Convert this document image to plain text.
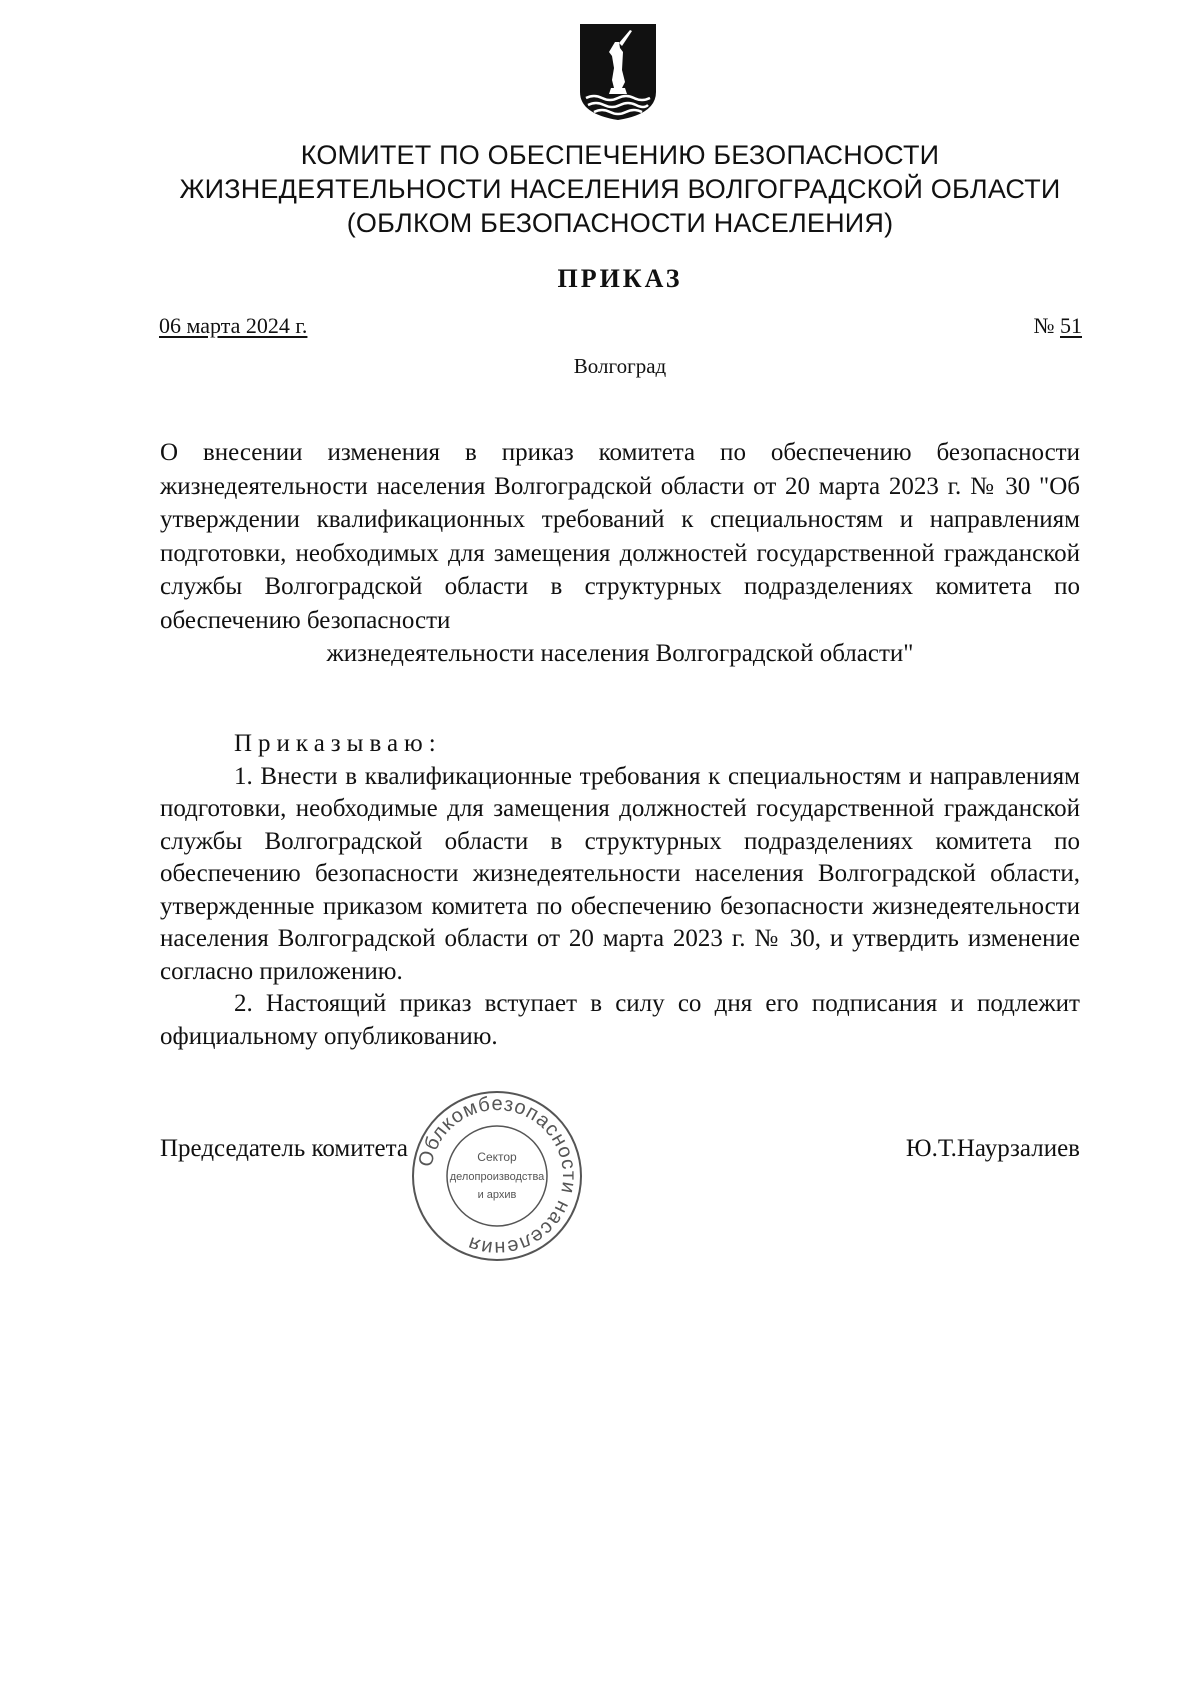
КОМИТЕТ ПО ОБЕСПЕЧЕНИЮ БЕЗОПАСНОСТИ
ЖИЗНЕДЕЯТЕЛЬНОСТИ НАСЕЛЕНИЯ ВОЛГОГРАДСКОЙ ОБЛАСТИ
(ОБЛКОМ БЕЗОПАСНОСТИ НАСЕЛЕНИЯ)
ПРИКАЗ
06 марта 2024 г.	№ 51
Волгоград
О внесении изменения в приказ комитета по обеспечению безопасности жизнедеятельности населения Волгоградской области от 20 марта 2023 г. № 30 "Об утверждении квалификационных требований к специальностям и направлениям подготовки, необходимых для замещения должностей государственной гражданской службы Волгоградской области в структурных подразделениях комитета по обеспечению безопасности
жизнедеятельности населения Волгоградской области"

Приказываю:

1. Внести в квалификационные требования к специальностям и направлениям подготовки, необходимые для замещения должностей государственной гражданской службы Волгоградской области в структурных подразделениях комитета по обеспечению безопасности жизнедеятельности населения Волгоградской области, утвержденные приказом комитета по обеспечению безопасности жизнедеятельности населения Волгоградской области от 20 марта 2023 г. № 30, и утвердить изменение согласно приложению.

2. Настоящий приказ вступает в силу со дня его подписания и подлежит официальному опубликованию.

Председатель комитета	Ю.Т.Наурзалиев
Облкомбезопасности населения
Сектор
делопроизводства
и архив
